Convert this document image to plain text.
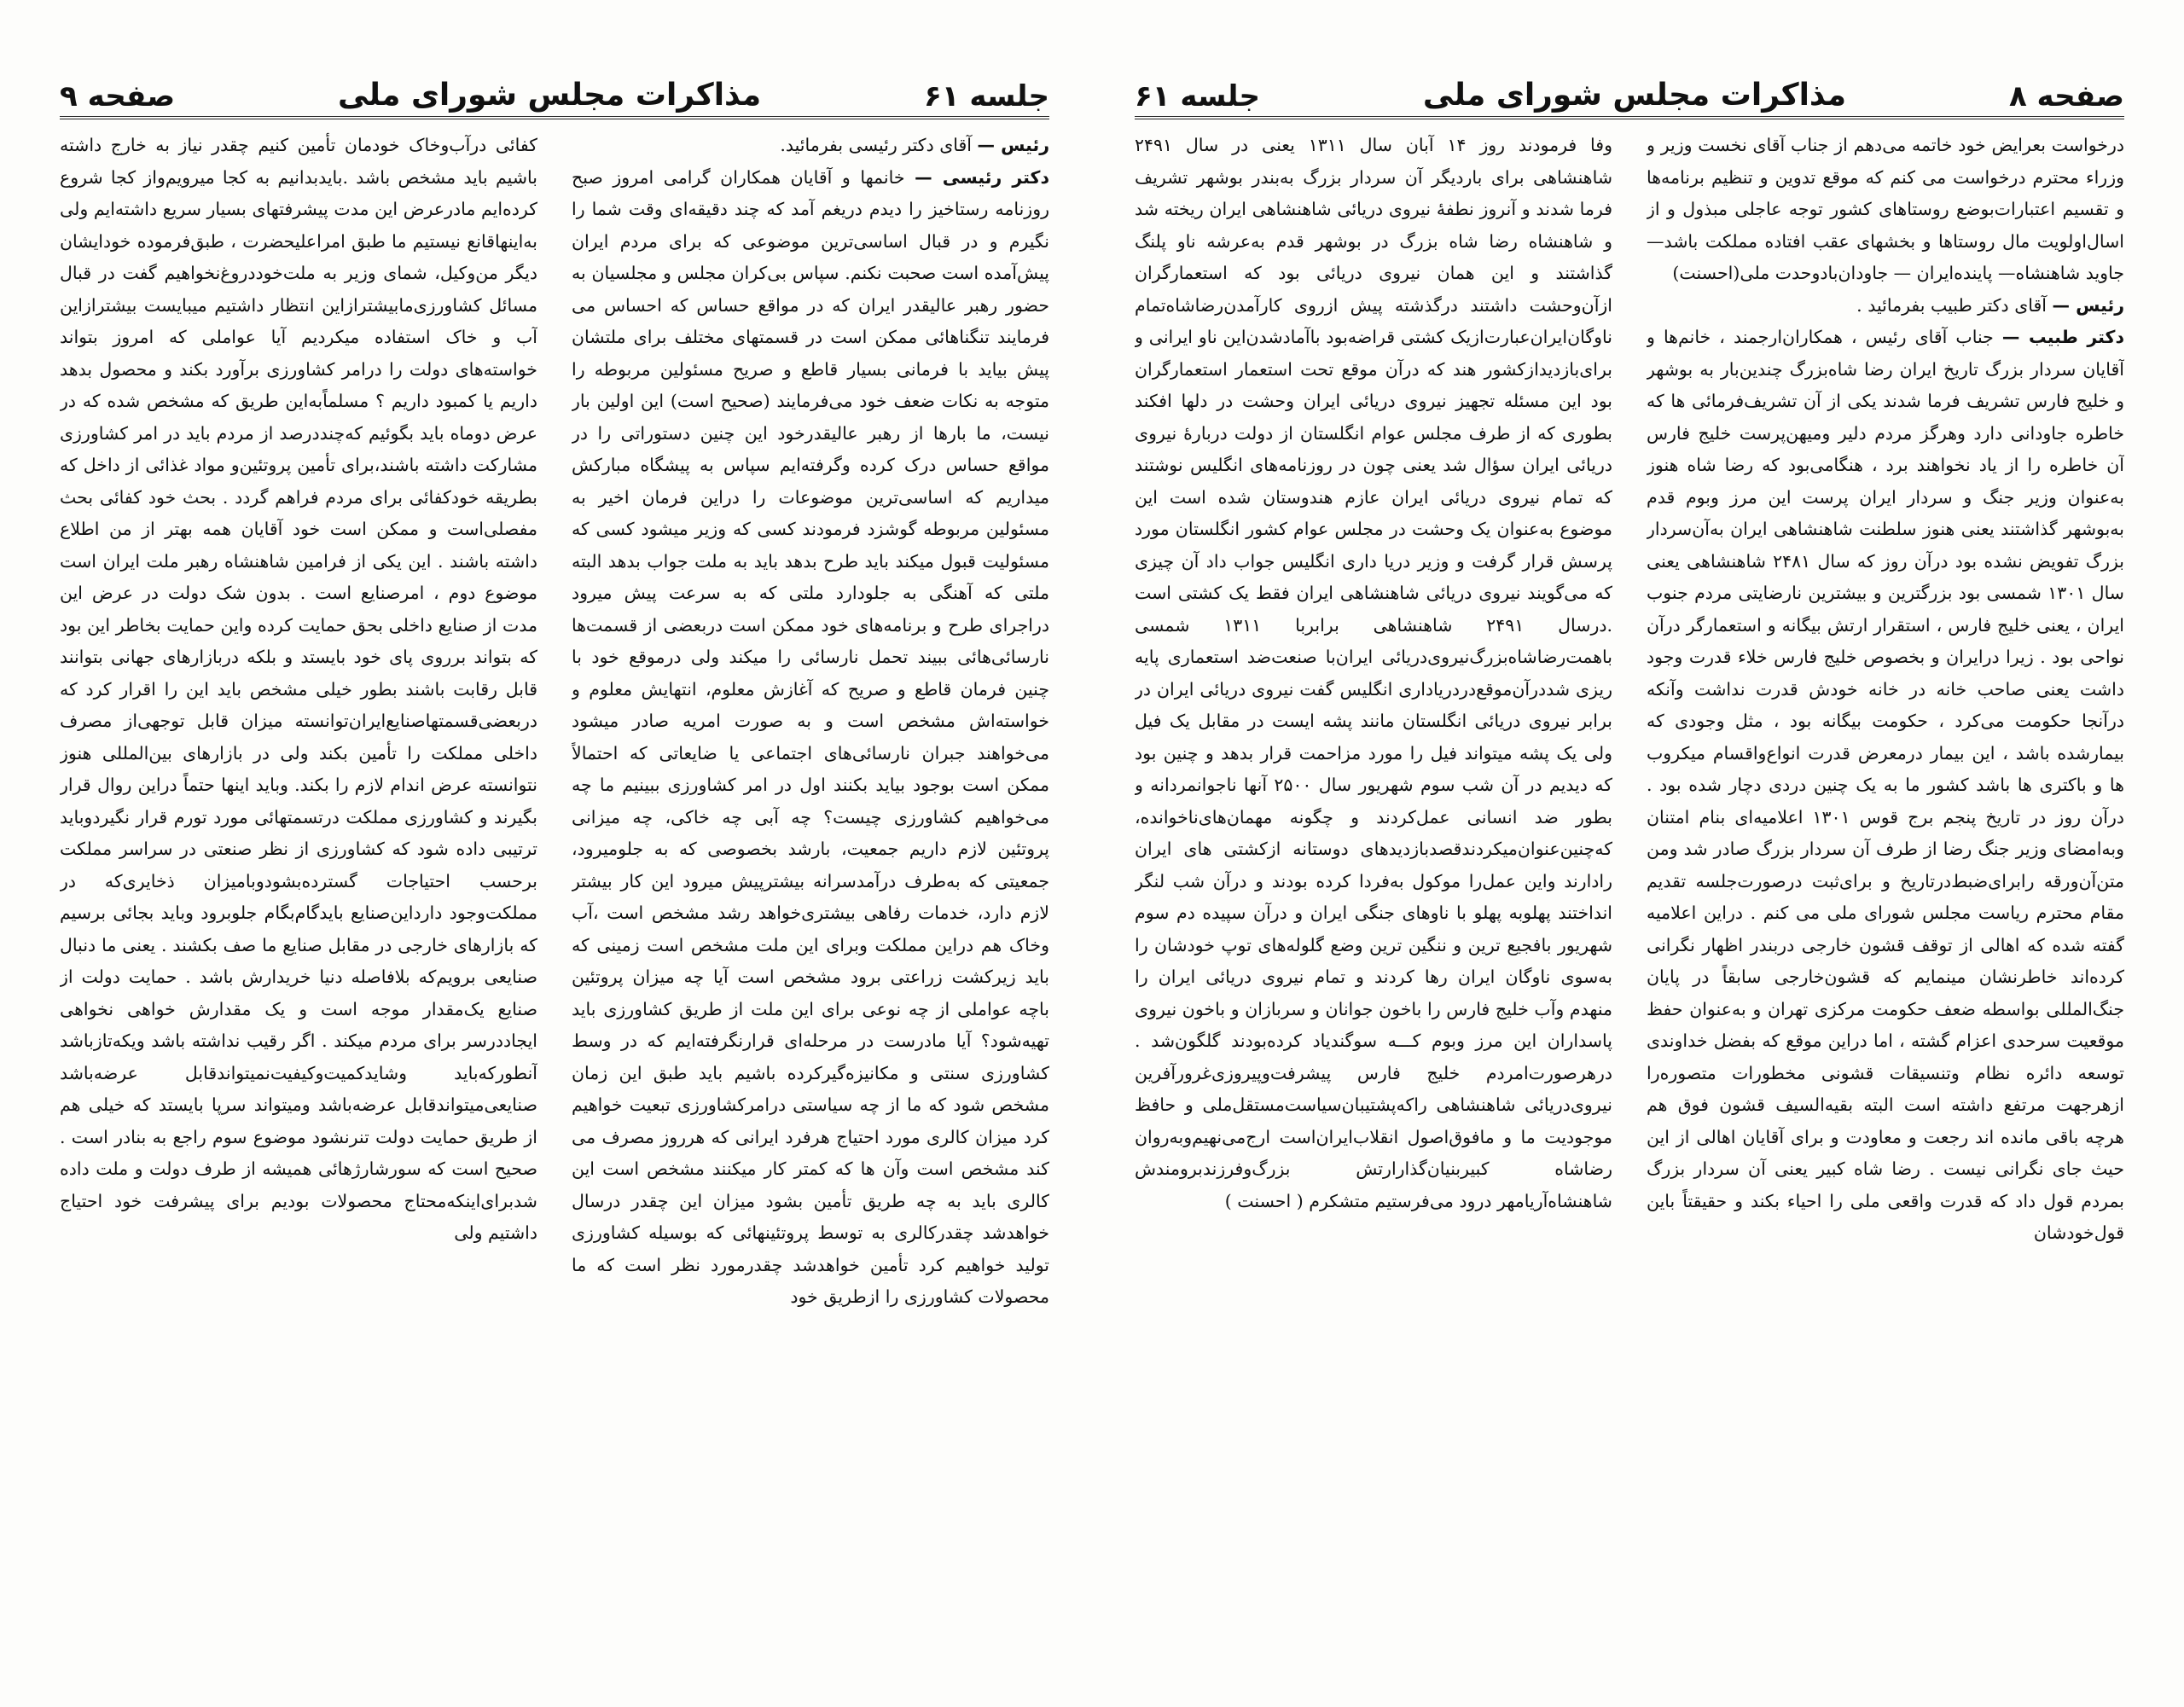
جلسه ۶۱
مذاکرات مجلس شورای ملی
صفحه ۹

رئیس — آقای دکتر رئیسی بفرمائید.

دکتر رئیسی — خانمها و آقایان همکاران گرامی امروز صبح روزنامه رستاخیز را دیدم دریغم آمد که چند دقیقه‌ای وقت شما را نگیرم و در قبال اساسی‌ترین موضوعی که برای مردم ایران پیش‌آمده است صحبت نکنم. سپاس بی‌کران مجلس و مجلسیان به حضور رهبر عالیقدر ایران که در مواقع حساس که احساس می فرمایند تنگناهائی ممکن است در قسمتهای مختلف برای ملتشان پیش بیاید با فرمانی بسیار قاطع و صریح مسئولین مربوطه را متوجه به نکات ضعف خود می‌فرمایند (صحیح است) این اولین بار نیست، ما بارها از رهبر عالیقدرخود این چنین دستوراتی را در مواقع حساس درک کرده وگرفته‌ایم سپاس به پیشگاه مبارکش میداریم که اساسی‌ترین موضوعات را دراین فرمان اخیر به مسئولین مربوطه گوشزد فرمودند کسی که وزیر میشود کسی که مسئولیت قبول میکند باید طرح بدهد باید به ملت جواب بدهد البته ملتی که آهنگی به جلودارد ملتی که به سرعت پیش میرود دراجرای طرح و برنامه‌های خود ممکن است دربعضی از قسمت‌ها نارسائی‌هائی ببیند تحمل نارسائی را میکند ولی درموقع خود با چنین فرمان قاطع و صریح که آغازش معلوم، انتهایش معلوم و خواسته‌اش مشخص است و به صورت امریه صادر میشود می‌خواهند جبران نارسائی‌های اجتماعی یا ضایعاتی که احتمالاً ممکن است بوجود بیاید بکنند اول در امر کشاورزی ببینیم ما چه می‌خواهیم کشاورزی چیست؟ چه آبی چه خاکی، چه میزانی پروتئین لازم داریم جمعیت، بارشد بخصوصی که به جلومیرود، جمعیتی که به‌طرف درآمدسرانه بیشترپیش میرود این کار بیشتر لازم دارد، خدمات رفاهی بیشتری‌خواهد رشد مشخص است ،آب وخاک هم دراین مملکت وبرای این ملت مشخص است زمینی که باید زیرکشت زراعتی برود مشخص است آیا چه میزان پروتئین باچه عواملی از چه نوعی برای این ملت از طریق کشاورزی باید تهیه‌شود؟ آیا مادرست در مرحله‌ای قرارنگرفته‌ایم که در وسط کشاورزی سنتی و مکانیزه‌گیرکرده باشیم باید طبق این زمان مشخص شود که ما از چه سیاستی درامرکشاورزی تبعیت خواهیم کرد میزان کالری مورد احتیاج هرفرد ایرانی که هرروز مصرف می کند مشخص است وآن ها که کمتر کار میکنند مشخص است این کالری باید به چه طریق تأمین بشود میزان این چقدر درسال خواهدشد چقدرکالری به توسط پروتئینهائی که بوسیله کشاورزی تولید خواهیم کرد تأمین خواهدشد چقدرمورد نظر است که ما محصولات کشاورزی را ازطریق خود

کفائی درآب‌وخاک خودمان تأمین کنیم چقدر نیاز به خارج داشته باشیم باید مشخص باشد .بایدبدانیم به کجا میرویم‌واز کجا شروع کرده‌ایم مادرعرض این مدت پیشرفتهای بسیار سریع داشته‌ایم ولی به‌اینهاقانع نیستیم ما طبق امراعلیحضرت ، طبق‌فرموده خودایشان دیگر من‌وکیل، شمای وزیر به ملت‌خوددروغ‌نخواهیم گفت در قبال مسائل کشاورزی‌مابیشترازاین انتظار داشتیم میبایست بیشترازاین آب و خاک استفاده میکردیم آیا عواملی که امروز بتواند خواسته‌های دولت را درامر کشاورزی برآورد بکند و محصول بدهد داریم یا کمبود داریم ؟ مسلماًبه‌این طریق که مشخص شده که در عرض دوماه باید بگوئیم که‌چنددرصد از مردم باید در امر کشاورزی مشارکت داشته باشند،برای تأمین پروتئین‌و مواد غذائی از داخل که بطریقه خودکفائی برای مردم فراهم گردد . بحث خود کفائی بحث مفصلی‌است و ممکن است خود آقایان همه بهتر از من اطلاع داشته باشند . این یکی از فرامین شاهنشاه رهبر ملت ایران است موضوع دوم ، امرصنایع است . بدون شک دولت در عرض این مدت از صنایع داخلی بحق حمایت کرده واین حمایت بخاطر این بود که بتواند برروی پای خود بایستد و بلکه دربازارهای جهانی بتوانند قابل رقابت باشند بطور خیلی مشخص باید این را اقرار کرد که دربعضی‌قسمتهاصنایع‌ایران‌توانسته میزان قابل توجهی‌از مصرف داخلی مملکت را تأمین بکند ولی در بازارهای بین‌المللی هنوز نتوانسته عرض اندام لازم را بکند. وباید اینها حتماً دراین روال قرار بگیرند و کشاورزی مملکت درتسمتهائی مورد تورم قرار نگیردوباید ترتیبی داده شود که کشاورزی از نظر صنعتی در سراسر مملکت برحسب احتیاجات گسترده‌بشودو‌بامیزان ذخایری‌که در مملکت‌وجود دارداین‌صنایع بایدگام‌بگام جلوبرود وباید بجائی برسیم که بازارهای خارجی در مقابل صنایع ما صف بکشند . یعنی ما دنبال صنایعی برویم‌که بلافاصله دنیا خریدارش باشد . حمایت دولت از صنایع یک‌مقدار موجه است و یک مقدارش خواهی نخواهی ایجاددرسر برای مردم میکند . اگر رقیب نداشته باشد ویکه‌تازباشد آنطورکه‌باید وشاید‌کمیت‌وکیفیت‌نمیتواندقابل عرضه‌باشد صنایعی‌میتواندقابل عرضه‌باشد ومیتواند سرپا بایستد که خیلی هم از طریق حمایت دولت تنرنشود موضوع سوم راجع به بنادر است . صحیح است که سورشارژهائی همیشه از طرف دولت و ملت داده شدبرای‌اینکه‌محتاج محصولات بودیم برای پیشرفت خود احتیاج داشتیم ولی

صفحه ۸
مذاکرات مجلس شورای ملی
جلسه ۶۱

درخواست بعرایض خود خاتمه می‌دهم از جناب آقای نخست وزیر و وزراء محترم درخواست می کنم که موقع تدوین و تنظیم برنامه‌ها و تقسیم اعتبارات‌بوضع روستاهای کشور توجه عاجلی مبذول و از اسال‌اولویت مال روستاها و بخشهای عقب افتاده مملکت باشد—جاوید شاهنشاه— پاینده‌ایران — جاودان‌بادوحدت ملی(احسنت)

رئیس — آقای دکتر طبیب بفرمائید .

دکتر طبیب — جناب آقای رئیس ، همکاران‌ارجمند ، خانم‌ها و آقایان سردار بزرگ تاریخ ایران رضا شاه‌بزرگ چندین‌بار به بوشهر و خلیج فارس تشریف فرما شدند یکی از آن تشریف‌فرمائی ها که خاطره جاودانی دارد وهرگز مردم دلیر ومیهن‌پرست خلیج فارس آن خاطره را از یاد نخواهند برد ، هنگامی‌بود که رضا شاه هنوز به‌عنوان وزیر جنگ و سردار ایران پرست این مرز وبوم قدم به‌بوشهر گذاشتند یعنی هنوز سلطنت شاهنشاهی ایران به‌آن‌سردار بزرگ تفویض نشده بود درآن روز که سال ۲۴۸۱ شاهنشاهی یعنی سال ۱۳۰۱ شمسی بود بزرگترین و بیشترین نارضایتی مردم جنوب ایران ، یعنی خلیج فارس ، استقرار ارتش بیگانه و استعمارگر درآن نواحی بود . زیرا درایران و بخصوص خلیج فارس خلاء قدرت وجود داشت یعنی صاحب خانه در خانه خودش قدرت نداشت وآنکه درآنجا حکومت می‌کرد ، حکومت بیگانه بود ، مثل وجودی که بیمارشده باشد ، این بیمار درمعرض قدرت انواع‌واقسام میکروب ها و باکتری ها باشد کشور ما به یک چنین دردی دچار شده بود . درآن روز در تاریخ پنجم برج قوس ۱۳۰۱ اعلامیه‌ای بنام امتنان وبه‌امضای وزیر جنگ رضا از طرف آن سردار بزرگ صادر شد ومن متن‌آن‌ورقه رابرای‌ضبط‌درتاریخ و برای‌ثبت درصورت‌جلسه تقدیم مقام محترم ریاست مجلس شورای ملی می کنم . دراین اعلامیه گفته شده که اهالی از توقف قشون خارجی دربندر اظهار نگرانی کرده‌اند خاطرنشان مینمایم که قشون‌خارجی سابقاً در پایان جنگ‌المللی بواسطه ضعف حکومت مرکزی تهران و به‌عنوان حفظ موقعیت سرحدی اعزام گشته ، اما دراین موقع که بفضل خداوندی توسعه دائره نظام وتنسیقات قشونی مخطورات متصوره‌را ازهرجهت مرتفع داشته است البته بقیه‌السیف قشون فوق هم هرچه باقی مانده اند رجعت و معاودت و برای آقایان اهالی از این حیث جای نگرانی نیست . رضا شاه کبیر یعنی آن سردار بزرگ بمردم قول داد که قدرت واقعی ملی را احیاء بکند و حقیقتاً باین قول‌خودشان

وفا فرمودند روز ۱۴ آبان سال ۱۳۱۱ یعنی در سال ۲۴۹۱ شاهنشاهی برای باردیگر آن سردار بزرگ به‌بندر بوشهر تشریف فرما شدند و آنروز نطفهٔ نیروی دریائی شاهنشاهی ایران ریخته شد و شاهنشاه رضا شاه بزرگ در بوشهر قدم به‌عرشه ناو پلنگ گذاشتند و این همان نیروی دریائی بود که استعمارگران ازآن‌وحشت داشتند درگذشته پیش ازروی کارآمدن‌رضاشاه‌تمام ناوگان‌ایران‌عبارت‌ازیک کشتی قراضه‌بود باآمادشدن‌این ناو ایرانی و برای‌بازدیدازکشور هند که درآن موقع تحت استعمار استعمارگران بود این مسئله تجهیز نیروی دریائی ایران وحشت در دلها افکند بطوری که از طرف مجلس عوام انگلستان از دولت دربارهٔ نیروی دریائی ایران سؤال شد یعنی چون در روزنامه‌های انگلیس نوشتند که تمام نیروی دریائی ایران عازم هندوستان شده است این موضوع به‌عنوان یک وحشت در مجلس عوام کشور انگلستان مورد پرسش قرار گرفت و وزیر دریا داری انگلیس جواب داد آن چیزی که می‌گویند نیروی دریائی شاهنشاهی ایران فقط یک کشتی است .درسال ۲۴۹۱ شاهنشاهی برابربا ۱۳۱۱ شمسی باهمت‌رضاشاه‌بزرگ‌نیروی‌دریائی ایران‌با صنعت‌ضد استعماری پایه ریزی شددرآن‌موقع‌دردریاداری انگلیس گفت نیروی دریائی ایران در برابر نیروی دریائی انگلستان مانند پشه ایست در مقابل یک فیل ولی یک پشه میتواند فیل را مورد مزاحمت قرار بدهد و چنین بود که دیدیم در آن شب سوم شهریور سال ۲۵۰۰ آنها ناجوانمردانه و بطور ضد انسانی عمل‌کردند و چگونه مهمان‌های‌ناخوانده، که‌چنین‌عنوان‌میکردندقصدبازدیدهای دوستانه ازکشتی های ایران رادارند واین عمل‌را موکول به‌فردا کرده بودند و درآن شب لنگر انداختند پهلوبه پهلو با ناوهای جنگی ایران و درآن سپیده دم سوم شهریور بافجیع ترین و ننگین ترین وضع گلوله‌های توپ خودشان را به‌سوی ناوگان ایران رها کردند و تمام نیروی دریائی ایران را منهدم وآب خلیج فارس را باخون جوانان و سربازان و باخون نیروی پاسداران این مرز وبوم کـــه سوگندیاد کرده‌بودند گلگون‌شد . درهرصورت‌امردم خلیج فارس پیشرفت‌وپیروزی‌غرورآفرین نیروی‌دریائی شاهنشاهی راکه‌پشتیبان‌سیاست‌مستقل‌ملی و حافظ موجودیت ما و مافوق‌اصول انقلاب‌ایران‌است ارج‌می‌نهیم‌وبه‌روان رضاشاه کبیربنیان‌گذارارتش بزرگ‌وفرزندبرومندش شاهنشاه‌آریامهر درود می‌فرستیم متشکرم ( احسنت )
